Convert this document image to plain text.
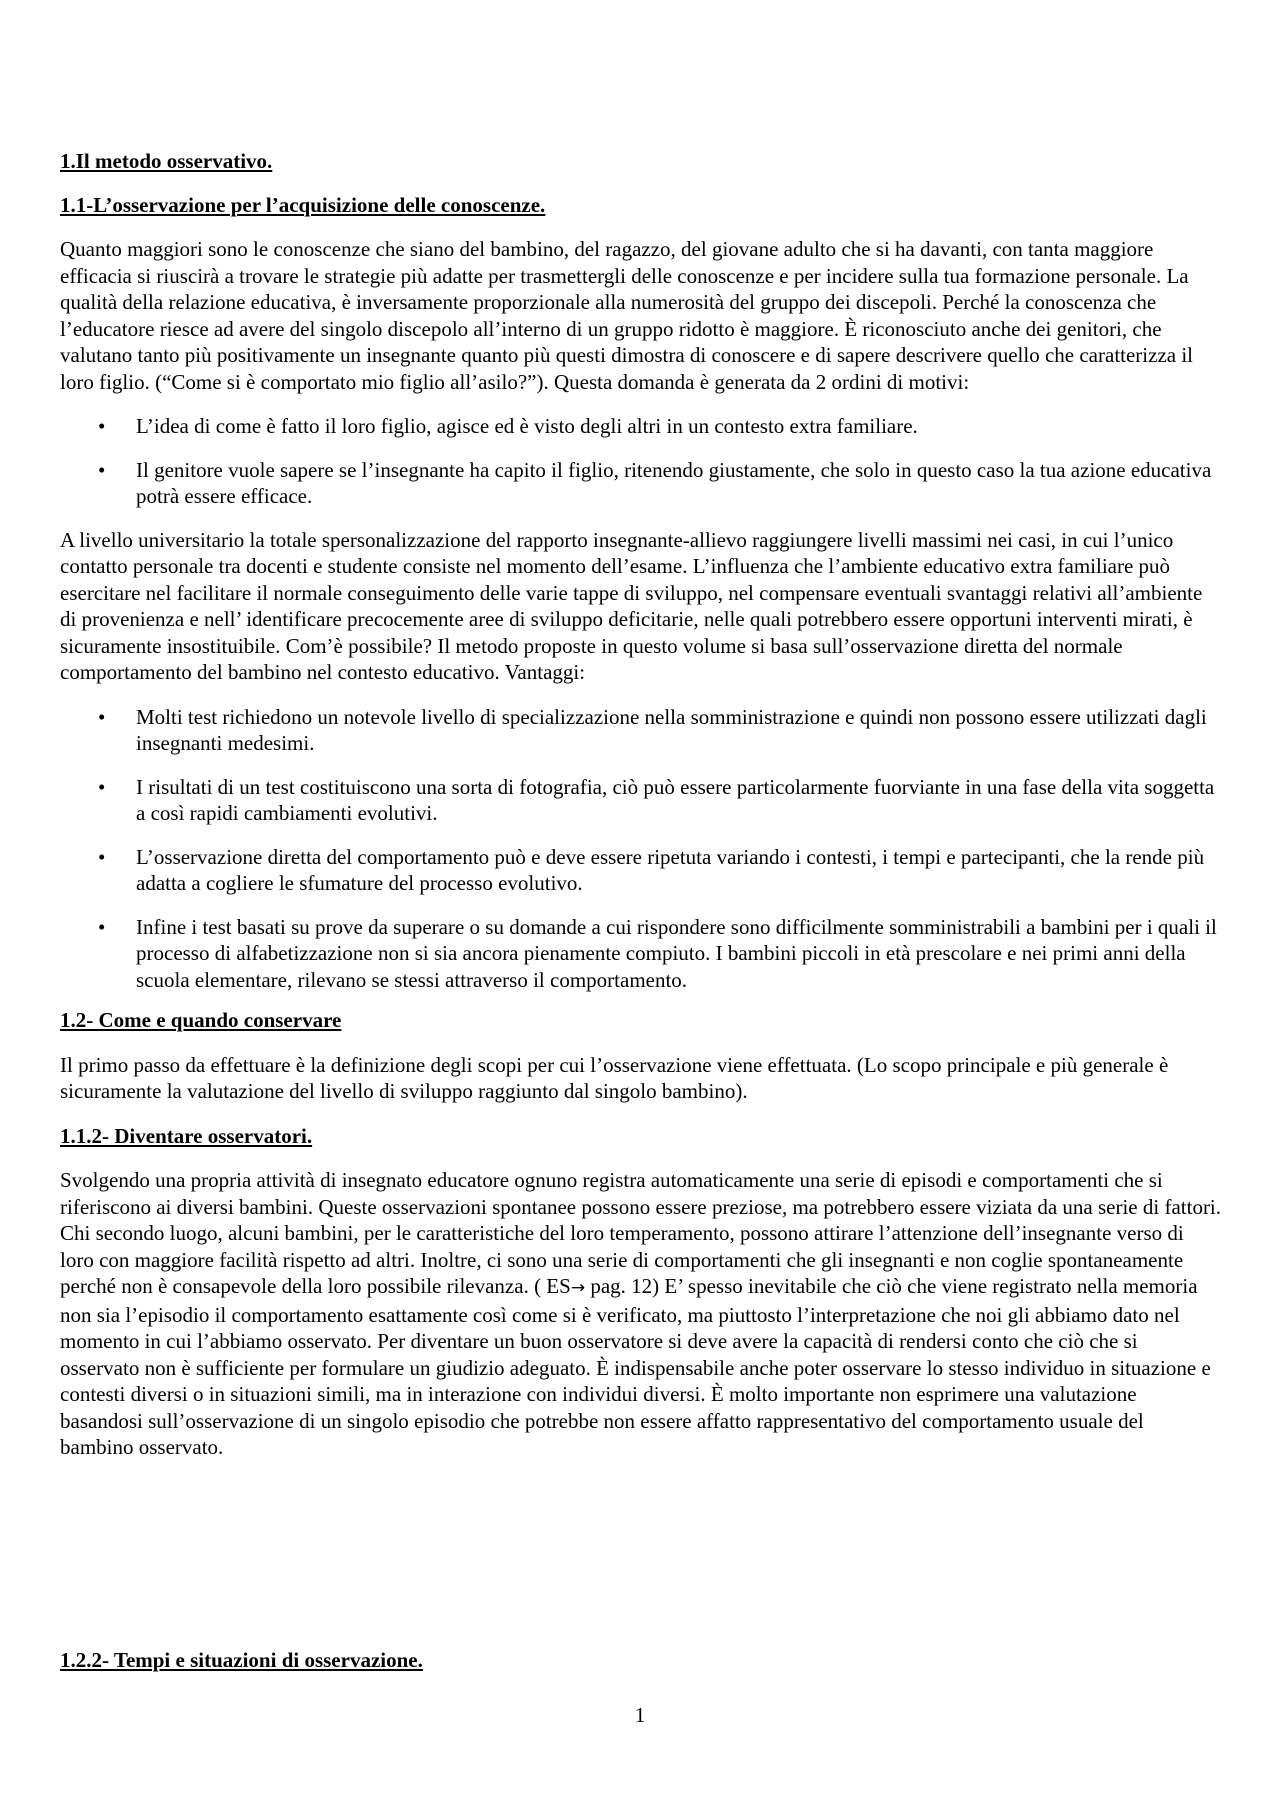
1.Il metodo osservativo.
1.1-L’osservazione per l’acquisizione delle conoscenze.

Quanto maggiori sono le conoscenze che siano del bambino, del ragazzo, del giovane adulto che si ha davanti, con tanta maggiore efficacia si riuscirà a trovare le strategie più adatte per trasmettergli delle conoscenze e per incidere sulla tua formazione personale. La qualità della relazione educativa, è inversamente proporzionale alla numerosità del gruppo dei discepoli. Perché la conoscenza che l’educatore riesce ad avere del singolo discepolo all’interno di un gruppo ridotto è maggiore. È riconosciuto anche dei genitori, che valutano tanto più positivamente un insegnante quanto più questi dimostra di conoscere e di sapere descrivere quello che caratterizza il loro figlio. (“Come si è comportato mio figlio all’asilo?”). Questa domanda è generata da 2 ordini di motivi:

• L’idea di come è fatto il loro figlio, agisce ed è visto degli altri in un contesto extra familiare.
• Il genitore vuole sapere se l’insegnante ha capito il figlio, ritenendo giustamente, che solo in questo caso la tua azione educativa potrà essere efficace.

A livello universitario la totale spersonalizzazione del rapporto insegnante-allievo raggiungere livelli massimi nei casi, in cui l’unico contatto personale tra docenti e studente consiste nel momento dell’esame. L’influenza che l’ambiente educativo extra familiare può esercitare nel facilitare il normale conseguimento delle varie tappe di sviluppo, nel compensare eventuali svantaggi relativi all’ambiente di provenienza e nell’ identificare precocemente aree di sviluppo deficitarie, nelle quali potrebbero essere opportuni interventi mirati, è sicuramente insostituibile. Com’è possibile? Il metodo proposte in questo volume si basa sull’osservazione diretta del normale comportamento del bambino nel contesto educativo. Vantaggi:

• Molti test richiedono un notevole livello di specializzazione nella somministrazione e quindi non possono essere utilizzati dagli insegnanti medesimi.
• I risultati di un test costituiscono una sorta di fotografia, ciò può essere particolarmente fuorviante in una fase della vita soggetta a così rapidi cambiamenti evolutivi.
• L’osservazione diretta del comportamento può e deve essere ripetuta variando i contesti, i tempi e partecipanti, che la rende più adatta a cogliere le sfumature del processo evolutivo.
• Infine i test basati su prove da superare o su domande a cui rispondere sono difficilmente somministrabili a bambini per i quali il processo di alfabetizzazione non si sia ancora pienamente compiuto. I bambini piccoli in età prescolare e nei primi anni della scuola elementare, rilevano se stessi attraverso il comportamento.
1.2- Come e quando conservare

Il primo passo da effettuare è la definizione degli scopi per cui l’osservazione viene effettuata. (Lo scopo principale e più generale è sicuramente la valutazione del livello di sviluppo raggiunto dal singolo bambino).

1.1.2- Diventare osservatori.

Svolgendo una propria attività di insegnato educatore ognuno registra automaticamente una serie di episodi e comportamenti che si riferiscono ai diversi bambini. Queste osservazioni spontanee possono essere preziose, ma potrebbero essere viziata da una serie di fattori. Chi secondo luogo, alcuni bambini, per le caratteristiche del loro temperamento, possono attirare l’attenzione dell’insegnante verso di loro con maggiore facilità rispetto ad altri. Inoltre, ci sono una serie di comportamenti che gli insegnanti e non coglie spontaneamente perché non è consapevole della loro possibile rilevanza. ( ES→ pag. 12) E’ spesso inevitabile che ciò che viene registrato nella memoria non sia l’episodio il comportamento esattamente così come si è verificato, ma piuttosto l’interpretazione che noi gli abbiamo dato nel momento in cui l’abbiamo osservato. Per diventare un buon osservatore si deve avere la capacità di rendersi conto che ciò che si osservato non è sufficiente per formulare un giudizio adeguato. È indispensabile anche poter osservare lo stesso individuo in situazione e contesti diversi o in situazioni simili, ma in interazione con individui diversi. È molto importante non esprimere una valutazione basandosi sull’osservazione di un singolo episodio che potrebbe non essere affatto rappresentativo del comportamento usuale del bambino osservato.

1.2.2- Tempi e situazioni di osservazione.
1
